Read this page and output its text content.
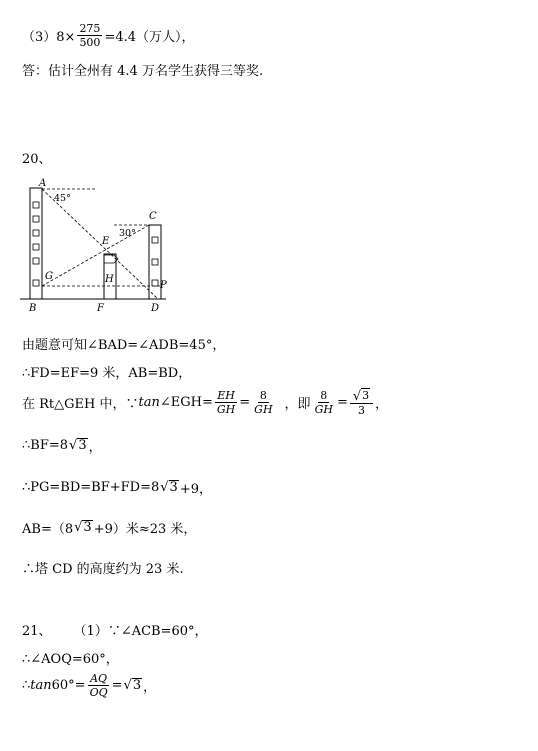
$(3)8\times \frac{275}{500} =4.4$（万人），
答：估计全州有 4.4 万名学生获得三等奖.
20、
A
B
C
D
E
F
G	H
P
45°
30°
由题意可知∠BAD=∠ADB=45°，
∴FD=EF=9 米，AB=BD，
在 Rt△GEH 中，∵ tan ∠EGH= $\frac{EH}{GH} = \frac{8}{GH}$ ，即 $\frac{8}{GH} = \frac{√ 3}{3}$ ，
∴BF=8 √ 3 ，
∴PG=BD=BF+FD=8 √ 3 +9，
AB=（8 √ 3 +9）米≈23 米，
∴塔 CD 的高度约为 23 米.
21、 （1）∵∠ACB=60°，
∴∠AOQ=60°，
∴ $\tan 60^\circ= \frac{AQ}{OQ}$ = √ 3 ，
